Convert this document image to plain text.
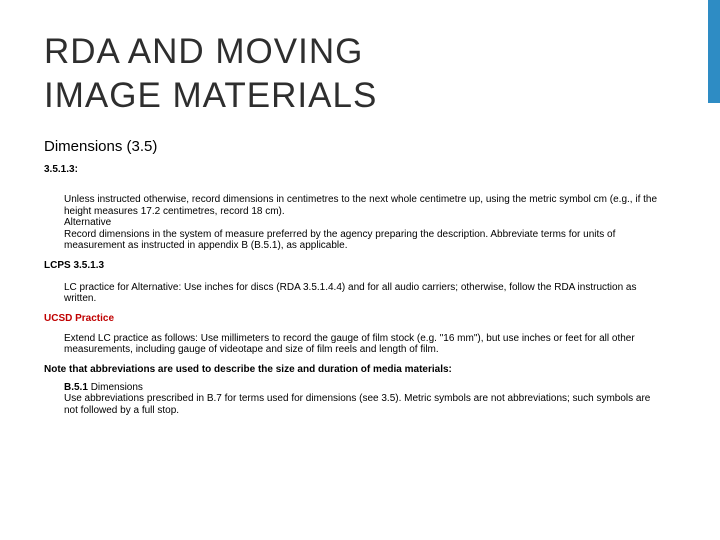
RDA AND MOVING
IMAGE MATERIALS

Dimensions (3.5)

3.5.1.3:

Unless instructed otherwise, record dimensions in centimetres to the next whole centimetre up, using the metric symbol cm (e.g., if the height measures 17.2 centimetres, record 18 cm).

Alternative

Record dimensions in the system of measure preferred by the agency preparing the description. Abbreviate terms for units of measurement as instructed in appendix B (B.5.1), as applicable.

LCPS 3.5.1.3

LC practice for Alternative: Use inches for discs (RDA 3.5.1.4.4) and for all audio carriers; otherwise, follow the RDA instruction as written.

UCSD Practice

Extend LC practice as follows: Use millimeters to record the gauge of film stock (e.g. "16 mm"), but use inches or feet for all other measurements, including gauge of videotape and size of film reels and length of film.

Note that abbreviations are used to describe the size and duration of media materials:

B.5.1 Dimensions

Use abbreviations prescribed in B.7 for terms used for dimensions (see 3.5). Metric symbols are not abbreviations; such symbols are not followed by a full stop.
